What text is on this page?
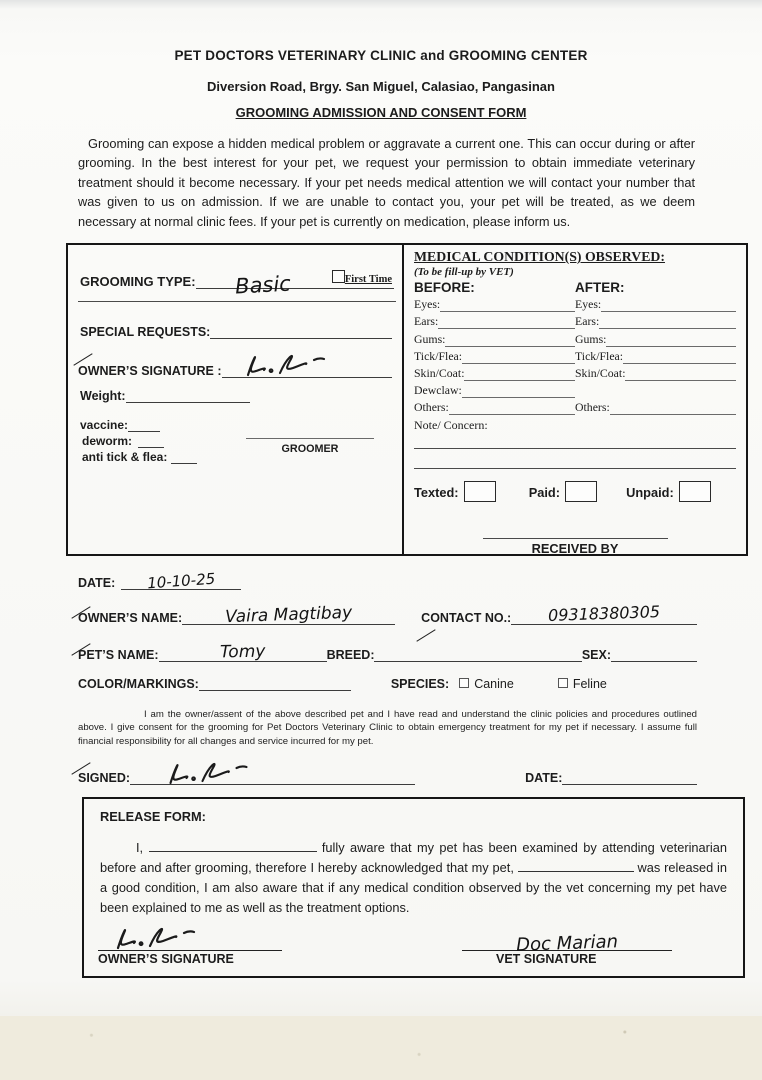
PET DOCTORS VETERINARY CLINIC and GROOMING CENTER
Diversion Road, Brgy. San Miguel, Calasiao, Pangasinan
GROOMING ADMISSION AND CONSENT FORM
Grooming can expose a hidden medical problem or aggravate a current one. This can occur during or after grooming. In the best interest for your pet, we request your permission to obtain immediate veterinary treatment should it become necessary. If your pet needs medical attention we will contact your number that was given to us on admission. If we are unable to contact you, your pet will be treated, as we deem necessary at normal clinic fees. If your pet is currently on medication, please inform us.
GROOMING TYPE:	Basic	First Time
SPECIAL REQUESTS:
OWNER’S SIGNATURE :
Weight:
vaccine:
deworm:
anti tick & flea:
GROOMER
MEDICAL CONDITION(S) OBSERVED:
(To be fill-up by VET)
BEFORE:	AFTER:
Eyes:	Eyes:
Ears:	Ears:
Gums:	Gums:
Tick/Flea:	Tick/Flea:
Skin/Coat:	Skin/Coat:
Dewclaw:
Others:	Others:
Note/ Concern:
Texted:	Paid:	Unpaid:
RECEIVED BY
DATE:	10-10-25
OWNER’S NAME:	Vaira Magtibay	CONTACT NO.:	09318380305
PET’S NAME:	Tomy	BREED:	SEX:
COLOR/MARKINGS:	SPECIES:	Canine	Feline
I am the owner/assent of the above described pet and I have read and understand the clinic policies and procedures outlined above. I give consent for the grooming for Pet Doctors Veterinary Clinic to obtain emergency treatment for my pet if necessary. I assume full financial responsibility for all changes and service incurred for my pet.
SIGNED:	DATE:
RELEASE FORM:
I,	fully aware that my pet has been examined by attending veterinarian before and after grooming, therefore I hereby acknowledged that my pet,	was released in a good condition, I am also aware that if any medical condition observed by the vet concerning my pet have been explained to me as well as the treatment options.
OWNER’S SIGNATURE
Doc Marian
VET SIGNATURE
